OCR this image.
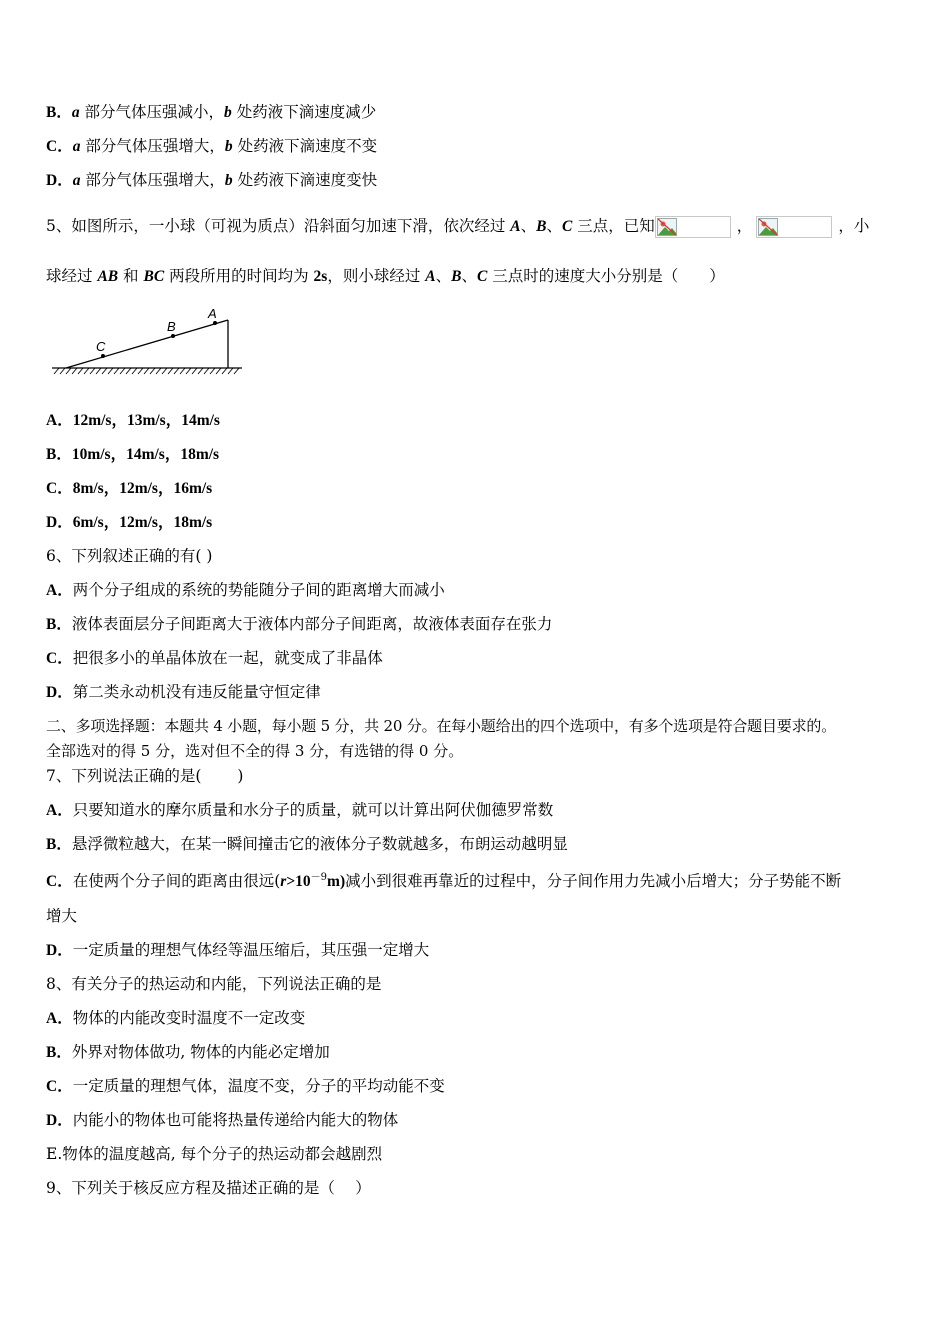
B．a 部分气体压强减小，b 处药液下滴速度减少
C．a 部分气体压强增大，b 处药液下滴速度不变
D．a 部分气体压强增大，b 处药液下滴速度变快
5、如图所示，一小球（可视为质点）沿斜面匀加速下滑，依次经过 A、B、C 三点，已知	，	，小
球经过 AB 和 BC 两段所用的时间均为 2s，则小球经过 A、B、C 三点时的速度大小分别是（　　）
A
B
C
A．12m/s，13m/s，14m/s
B．10m/s，14m/s，18m/s
C．8m/s，12m/s，16m/s
D．6m/s，12m/s，18m/s
6、下列叙述正确的有( )
A．两个分子组成的系统的势能随分子间的距离增大而减小
B．液体表面层分子间距离大于液体内部分子间距离，故液体表面存在张力
C．把很多小的单晶体放在一起，就变成了非晶体
D．第二类永动机没有违反能量守恒定律
二、多项选择题：本题共 4 小题，每小题 5 分，共 20 分。在每小题给出的四个选项中，有多个选项是符合题目要求的。
全部选对的得 5 分，选对但不全的得 3 分，有选错的得 0 分。
7、下列说法正确的是(　　 )
A．只要知道水的摩尔质量和水分子的质量，就可以计算出阿伏伽德罗常数
B．悬浮微粒越大，在某一瞬间撞击它的液体分子数就越多，布朗运动越明显
C．在使两个分子间的距离由很远$(r>10^{-9}m)$减小到很难再靠近的过程中，分子间作用力先减小后增大；分子势能不断
增大
D．一定质量的理想气体经等温压缩后，其压强一定增大
8、有关分子的热运动和内能，下列说法正确的是
A．物体的内能改变时温度不一定改变
B．外界对物体做功, 物体的内能必定增加
C．一定质量的理想气体，温度不变，分子的平均动能不变
D．内能小的物体也可能将热量传递给内能大的物体
E.物体的温度越高, 每个分子的热运动都会越剧烈
9、下列关于核反应方程及描述正确的是（　 ）
